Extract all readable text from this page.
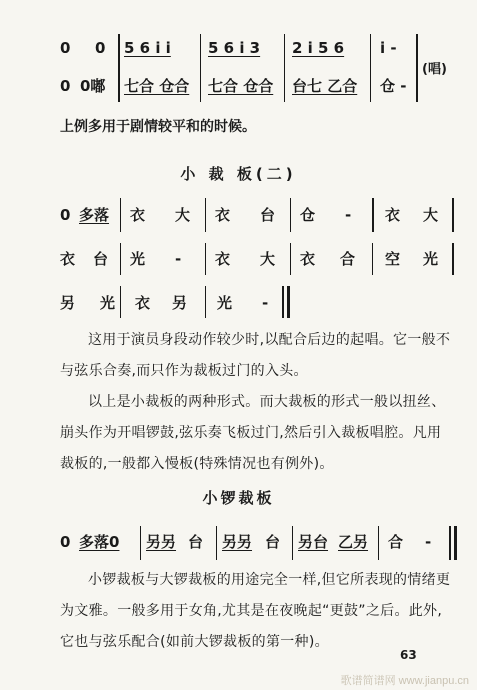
0 0 5 6 i i 5 6 i 3 2 i 5 6 i -
0 0嘟 七合 仓合 七合 仓合 台七 乙合 仓 -
(唱)
上例多用于剧情较平和的时候。
小 裁 板(二)
0 多落 衣 大 衣 台 仓 - 衣 大
衣 台 光 - 衣 大 衣 合 空 光
另 光 衣 另 光 -
这用于演员身段动作较少时,以配合后边的起唱。它一般不与弦乐合奏,而只作为裁板过门的入头。
以上是小裁板的两种形式。而大裁板的形式一般以扭丝、崩头作为开唱锣鼓,弦乐奏飞板过门,然后引入裁板唱腔。凡用裁板的,一般都入慢板(特殊情况也有例外)。
小锣裁板
0 多落0 另另 台 另另 台 另台 乙另 合 -
小锣裁板与大锣裁板的用途完全一样,但它所表现的情绪更为文雅。一般多用于女角,尤其是在夜晚起“更鼓”之后。此外,它也与弦乐配合(如前大锣裁板的第一种)。
63
歌谱简谱网 www.jianpu.cn
